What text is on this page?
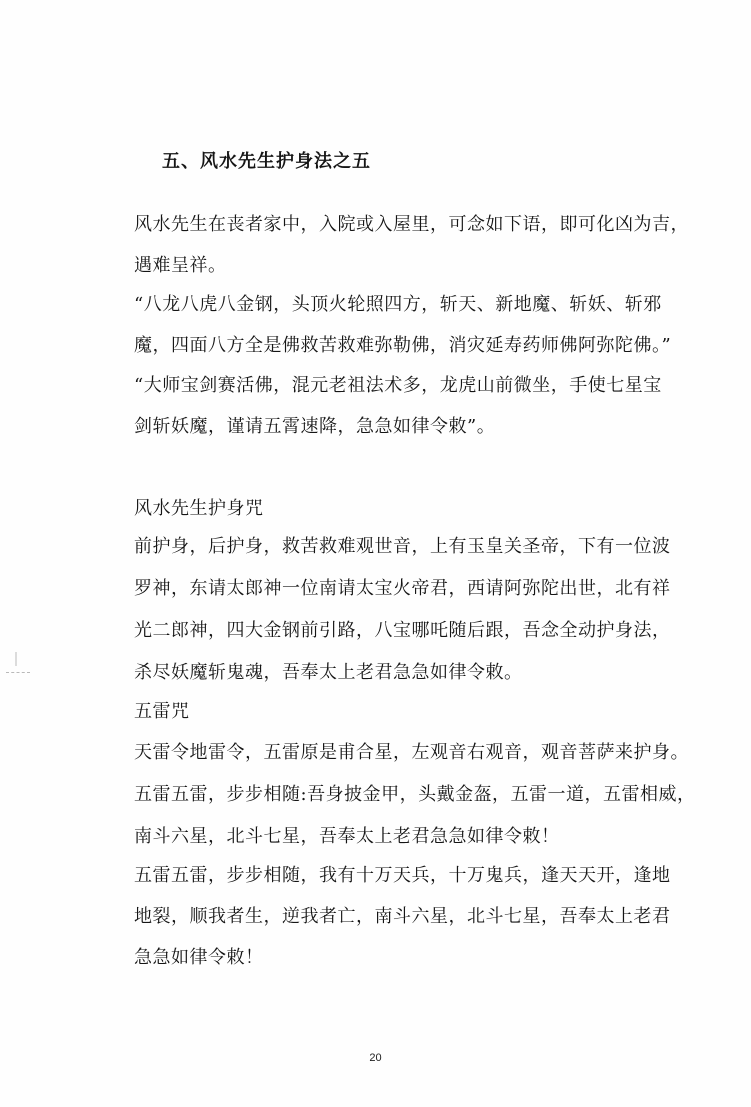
五、风水先生护身法之五
风水先生在丧者家中，入院或入屋里，可念如下语，即可化凶为吉，
遇难呈祥。
“八龙八虎八金钢，头顶火轮照四方，斩天、新地魔、斩妖、斩邪
魔，四面八方全是佛救苦救难弥勒佛，消灾延寿药师佛阿弥陀佛。”
“大师宝剑赛活佛，混元老祖法术多，龙虎山前微坐，手使七星宝
剑斩妖魔，谨请五霄速降，急急如律令敕”。
风水先生护身咒
前护身，后护身，救苦救难观世音，上有玉皇关圣帝，下有一位波
罗神，东请太郎神一位南请太宝火帝君，西请阿弥陀出世，北有祥
光二郎神，四大金钢前引路，八宝哪吒随后跟，吾念全动护身法，
杀尽妖魔斩鬼魂，吾奉太上老君急急如律令敕。
五雷咒
天雷令地雷令，五雷原是甫合星，左观音右观音，观音菩萨来护身。
五雷五雷，步步相随:吾身披金甲，头戴金盔，五雷一道，五雷相威，
南斗六星，北斗七星，吾奉太上老君急急如律令敕！
五雷五雷，步步相随，我有十万天兵，十万鬼兵，逢天天开，逢地
地裂，顺我者生，逆我者亡，南斗六星，北斗七星，吾奉太上老君
急急如律令敕！
20
